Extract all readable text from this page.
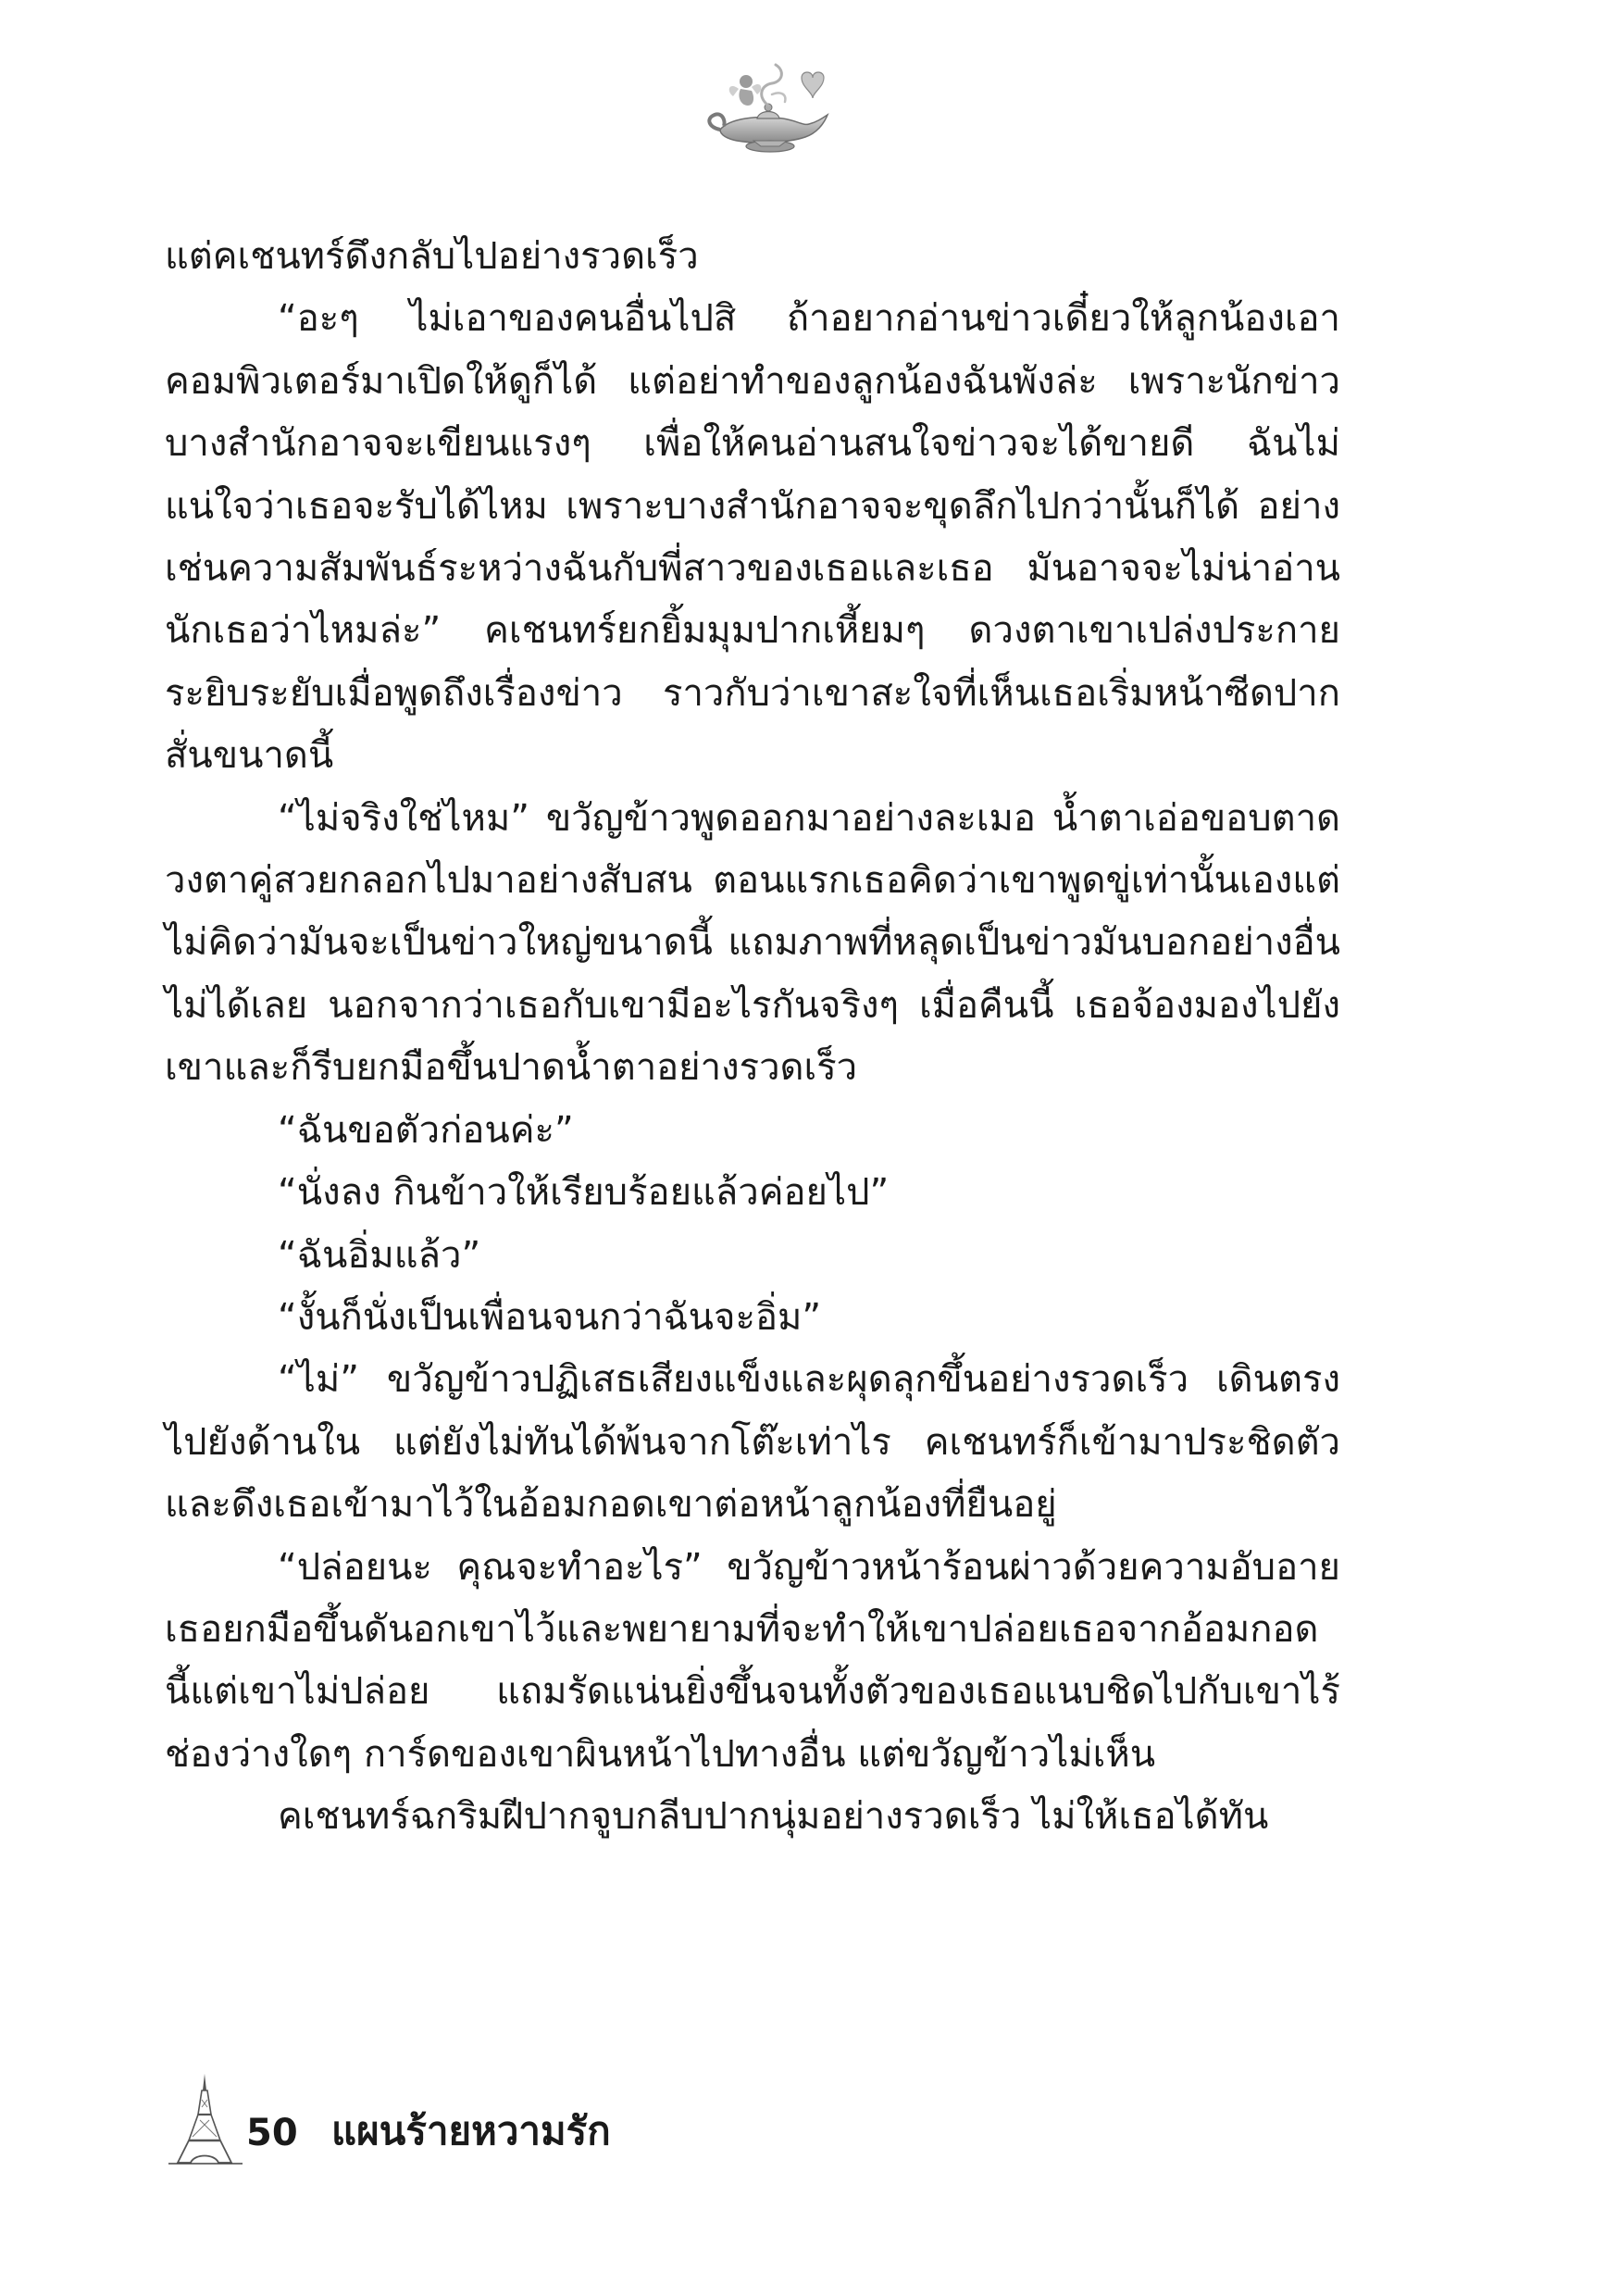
แต่คเชนทร์ดึงกลับไปอย่างรวดเร็ว

“อะๆ ไม่เอาของคนอื่นไปสิ ถ้าอยากอ่านข่าวเดี๋ยวให้ลูกน้องเอาคอมพิวเตอร์มาเปิดให้ดูก็ได้ แต่อย่าทำของลูกน้องฉันพังล่ะ เพราะนักข่าวบางสำนักอาจจะเขียนแรงๆ เพื่อให้คนอ่านสนใจข่าวจะได้ขายดี ฉันไม่แน่ใจว่าเธอจะรับได้ไหม เพราะบางสำนักอาจจะขุดลึกไปกว่านั้นก็ได้ อย่างเช่นความสัมพันธ์ระหว่างฉันกับพี่สาวของเธอและเธอ มันอาจจะไม่น่าอ่านนักเธอว่าไหมล่ะ” คเชนทร์ยกยิ้มมุมปากเหี้ยมๆ ดวงตาเขาเปล่งประกายระยิบระยับเมื่อพูดถึงเรื่องข่าว ราวกับว่าเขาสะใจที่เห็นเธอเริ่มหน้าซีดปากสั่นขนาดนี้

“ไม่จริงใช่ไหม” ขวัญข้าวพูดออกมาอย่างละเมอ น้ำตาเอ่อขอบตาดวงตาคู่สวยกลอกไปมาอย่างสับสน ตอนแรกเธอคิดว่าเขาพูดขู่เท่านั้นเองแต่ไม่คิดว่ามันจะเป็นข่าวใหญ่ขนาดนี้ แถมภาพที่หลุดเป็นข่าวมันบอกอย่างอื่นไม่ได้เลย นอกจากว่าเธอกับเขามีอะไรกันจริงๆ เมื่อคืนนี้ เธอจ้องมองไปยังเขาและก็รีบยกมือขึ้นปาดน้ำตาอย่างรวดเร็ว

“ฉันขอตัวก่อนค่ะ”

“นั่งลง กินข้าวให้เรียบร้อยแล้วค่อยไป”

“ฉันอิ่มแล้ว”

“งั้นก็นั่งเป็นเพื่อนจนกว่าฉันจะอิ่ม”

“ไม่” ขวัญข้าวปฏิเสธเสียงแข็งและผุดลุกขึ้นอย่างรวดเร็ว เดินตรงไปยังด้านใน แต่ยังไม่ทันได้พ้นจากโต๊ะเท่าไร คเชนทร์ก็เข้ามาประชิดตัวและดึงเธอเข้ามาไว้ในอ้อมกอดเขาต่อหน้าลูกน้องที่ยืนอยู่

“ปล่อยนะ คุณจะทำอะไร” ขวัญข้าวหน้าร้อนผ่าวด้วยความอับอายเธอยกมือขึ้นดันอกเขาไว้และพยายามที่จะทำให้เขาปล่อยเธอจากอ้อมกอดนี้แต่เขาไม่ปล่อย แถมรัดแน่นยิ่งขึ้นจนทั้งตัวของเธอแนบชิดไปกับเขาไร้ช่องว่างใดๆ การ์ดของเขาผินหน้าไปทางอื่น แต่ขวัญข้าวไม่เห็น

คเชนทร์ฉกริมฝีปากจูบกลีบปากนุ่มอย่างรวดเร็ว ไม่ให้เธอได้ทัน

50 แผนร้ายหวามรัก
